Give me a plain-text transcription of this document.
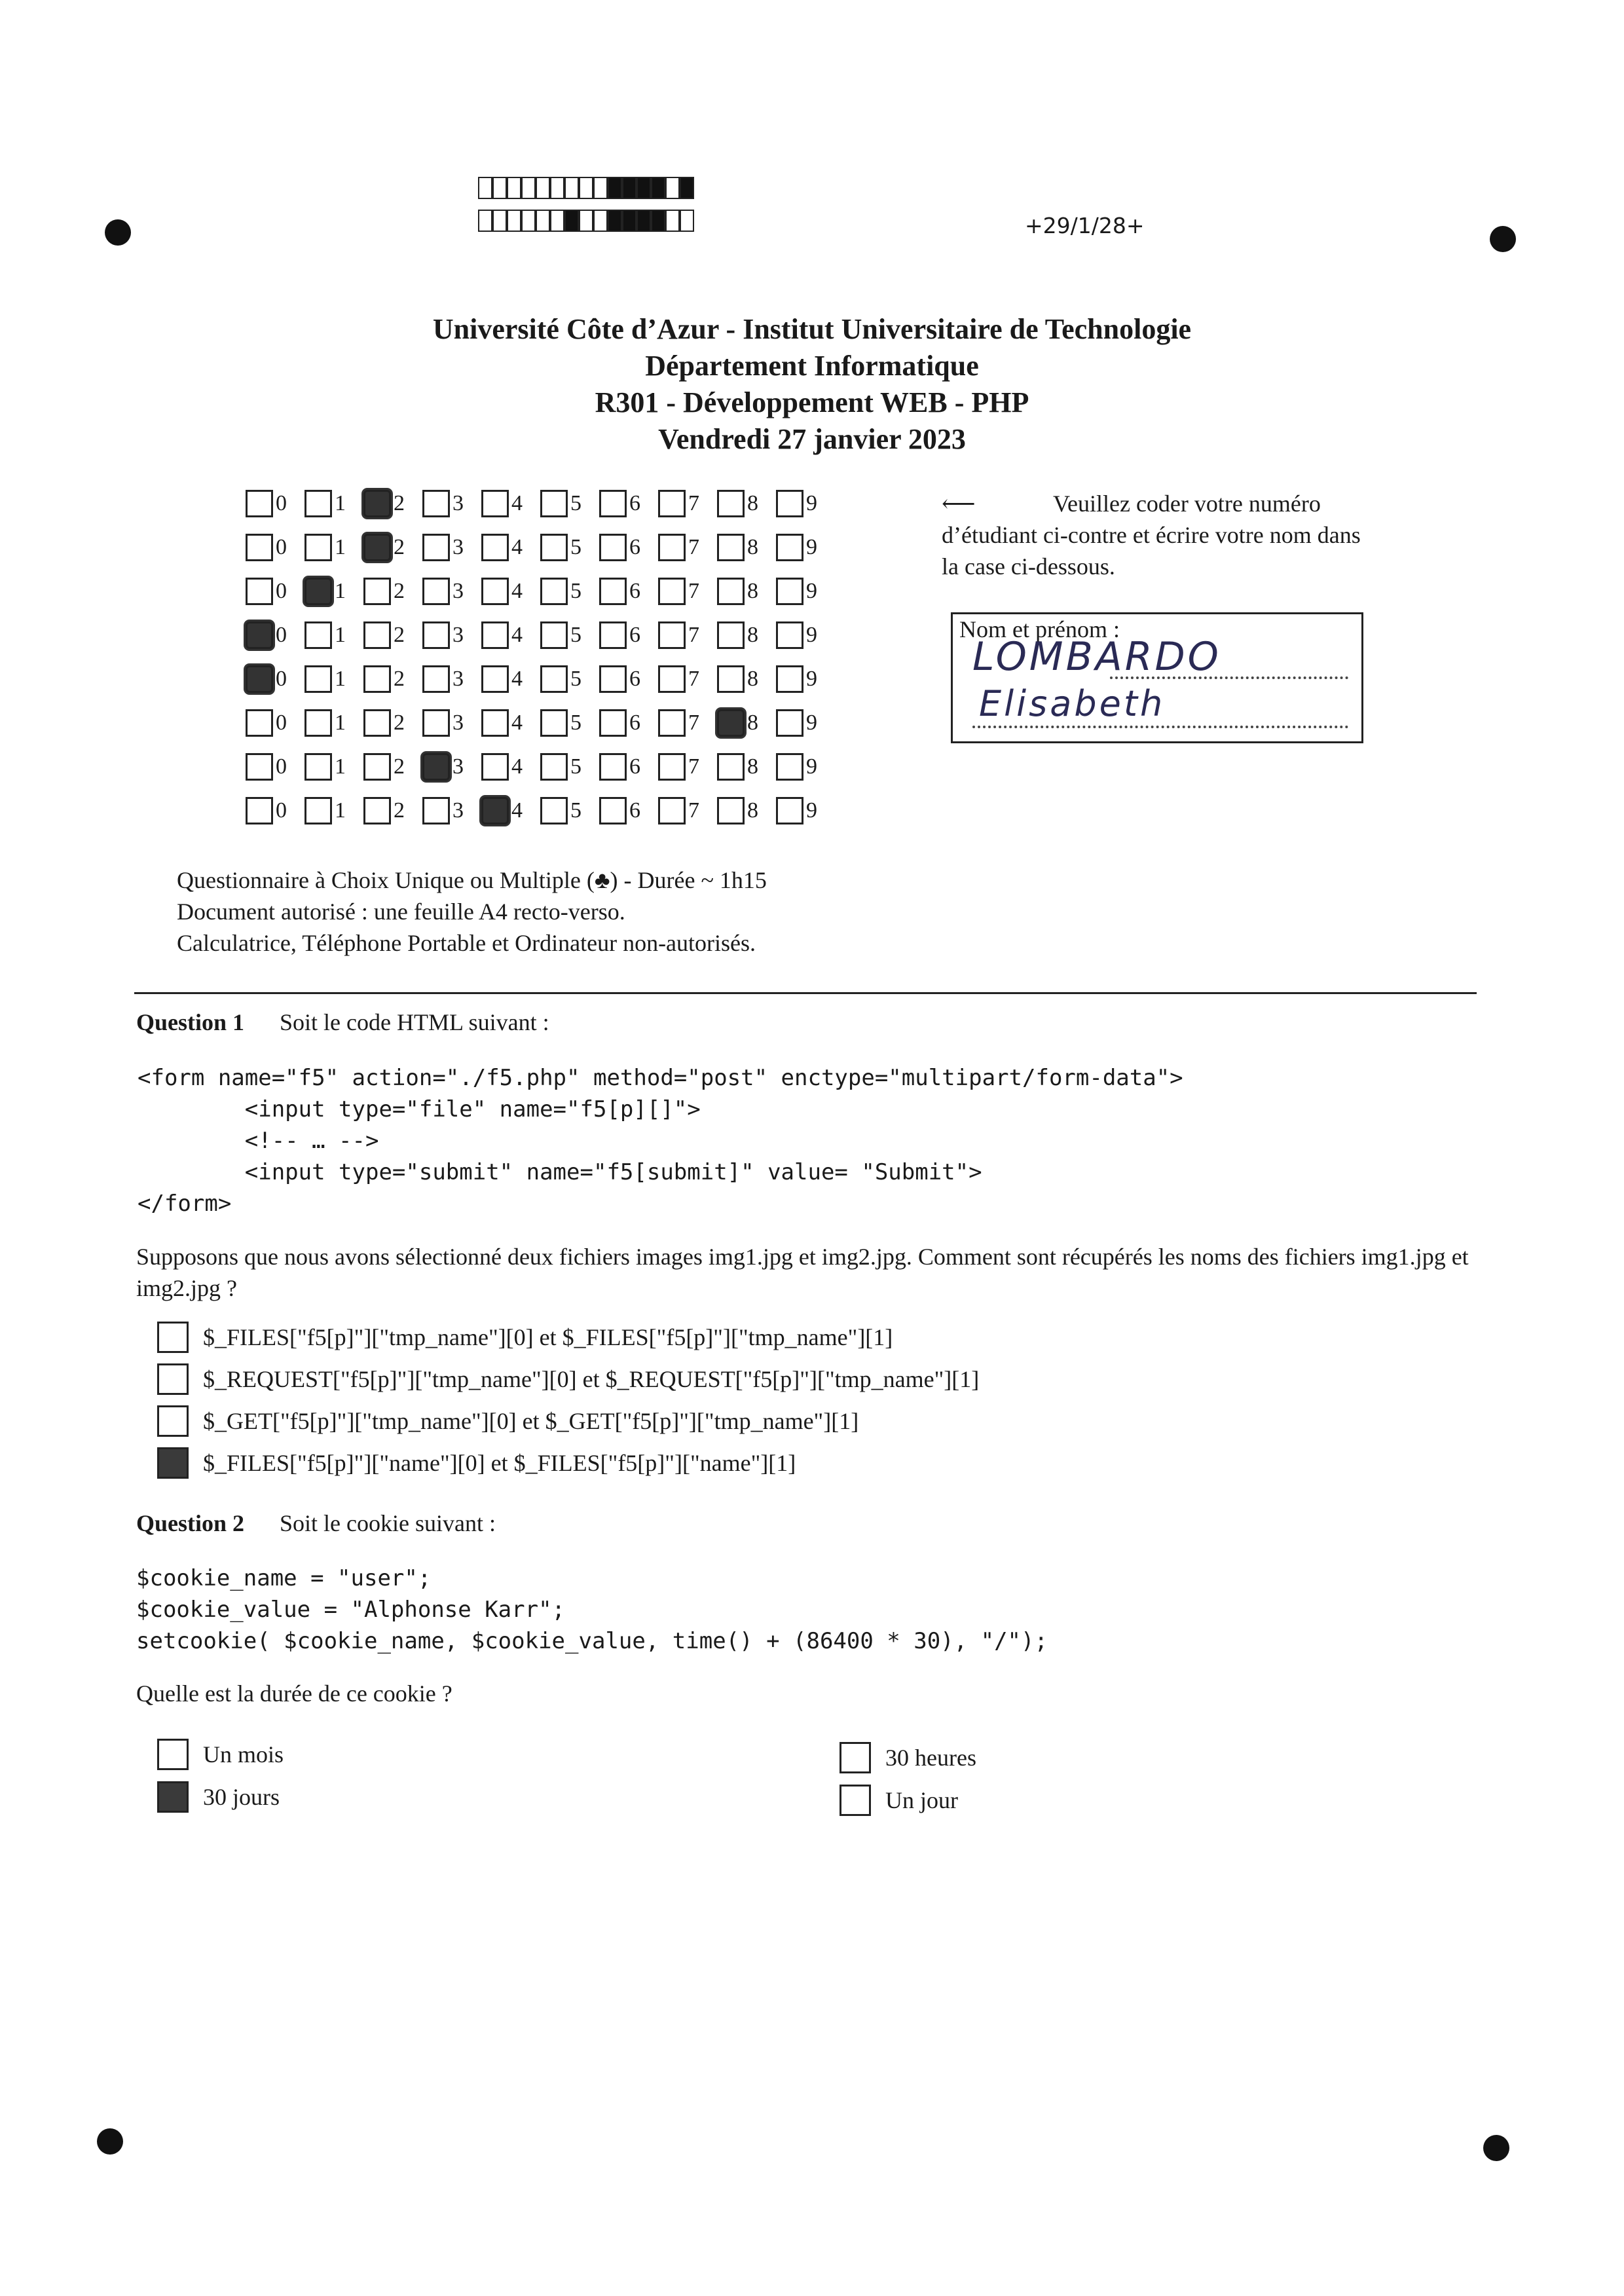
+29/1/28+
Université Côte d’Azur - Institut Universitaire de Technologie
Département Informatique
R301 - Développement WEB - PHP
Vendredi 27 janvier 2023
0 1 2 3 4 5 6 7 8 9
0 1 2 3 4 5 6 7 8 9
0 1 2 3 4 5 6 7 8 9
0 1 2 3 4 5 6 7 8 9
0 1 2 3 4 5 6 7 8 9
0 1 2 3 4 5 6 7 8 9
0 1 2 3 4 5 6 7 8 9
0 1 2 3 4 5 6 7 8 9
⟵	Veuillez coder votre numéro d’étudiant ci-contre et écrire votre nom dans la case ci-dessous.
Nom et prénom :
LOMBARDO
Elisabeth
Questionnaire à Choix Unique ou Multiple (♣) - Durée ~ 1h15
Document autorisé : une feuille A4 recto-verso.
Calculatrice, Téléphone Portable et Ordinateur non-autorisés.
Question 1 Soit le code HTML suivant :
<form name="f5" action="./f5.php" method="post" enctype="multipart/form-data">
<input type="file" name="f5[p][]">
<!-- … -->
<input type="submit" name="f5[submit]" value= "Submit">
</form>
Supposons que nous avons sélectionné deux fichiers images img1.jpg et img2.jpg. Comment sont récupérés les noms des fichiers img1.jpg et img2.jpg ?
$_FILES["f5[p]"]["tmp_name"][0] et $_FILES["f5[p]"]["tmp_name"][1]
$_REQUEST["f5[p]"]["tmp_name"][0] et $_REQUEST["f5[p]"]["tmp_name"][1]
$_GET["f5[p]"]["tmp_name"][0] et $_GET["f5[p]"]["tmp_name"][1]
$_FILES["f5[p]"]["name"][0] et $_FILES["f5[p]"]["name"][1]
Question 2 Soit le cookie suivant :
$cookie_name = "user";
$cookie_value = "Alphonse Karr";
setcookie( $cookie_name, $cookie_value, time() + (86400 * 30), "/");
Quelle est la durée de ce cookie ?
Un mois
30 jours
30 heures
Un jour
